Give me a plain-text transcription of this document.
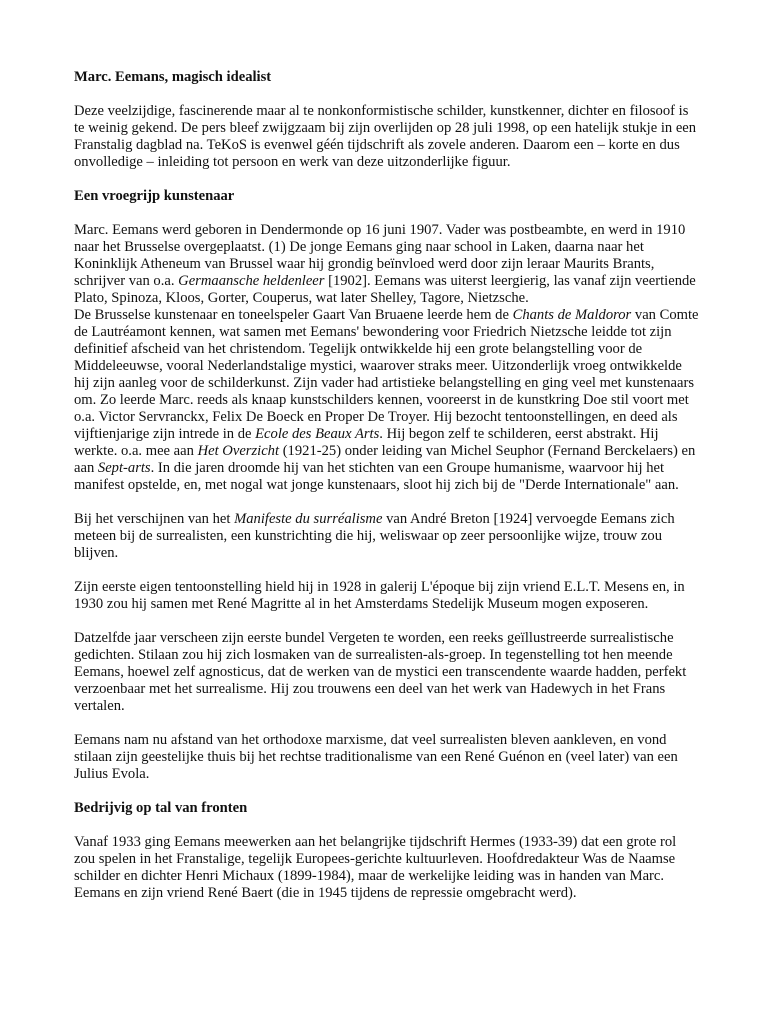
Marc. Eemans, magisch idealist

Deze veelzijdige, fascinerende maar al te nonkonformistische schilder, kunstkenner, dichter en filosoof is te weinig gekend. De pers bleef zwijgzaam bij zijn overlijden op 28 juli 1998, op een hatelijk stukje in een Franstalig dagblad na. TeKoS is evenwel géén tijdschrift als zovele anderen. Daarom een – korte en dus onvolledige – inleiding tot persoon en werk van deze uitzonderlijke figuur.

Een vroegrijp kunstenaar

Marc. Eemans werd geboren in Dendermonde op 16 juni 1907. Vader was postbeambte, en werd in 1910 naar het Brusselse overgeplaatst. (1) De jonge Eemans ging naar school in Laken, daarna naar het Koninklijk Atheneum van Brussel waar hij grondig beïnvloed werd door zijn leraar Maurits Brants, schrijver van o.a. Germaansche heldenleer [1902]. Eemans was uiterst leergierig, las vanaf zijn veertiende Plato, Spinoza, Kloos, Gorter, Couperus, wat later Shelley, Tagore, Nietzsche.

De Brusselse kunstenaar en toneelspeler Gaart Van Bruaene leerde hem de Chants de Maldoror van Comte de Lautréamont kennen, wat samen met Eemans' bewondering voor Friedrich Nietzsche leidde tot zijn definitief afscheid van het christendom. Tegelijk ontwikkelde hij een grote belangstelling voor de Middeleeuwse, vooral Nederlandstalige mystici, waarover straks meer. Uitzonderlijk vroeg ontwikkelde hij zijn aanleg voor de schilderkunst. Zijn vader had artistieke belangstelling en ging veel met kunstenaars om. Zo leerde Marc. reeds als knaap kunstschilders kennen, vooreerst in de kunstkring Doe stil voort met o.a. Victor Servranckx, Felix De Boeck en Proper De Troyer. Hij bezocht tentoonstellingen, en deed als vijftienjarige zijn intrede in de Ecole des Beaux Arts. Hij begon zelf te schilderen, eerst abstrakt. Hij werkte. o.a. mee aan Het Overzicht (1921-25) onder leiding van Michel Seuphor (Fernand Berckelaers) en aan Sept-arts. In die jaren droomde hij van het stichten van een Groupe humanisme, waarvoor hij het manifest opstelde, en, met nogal wat jonge kunstenaars, sloot hij zich bij de "Derde Internationale" aan.

Bij het verschijnen van het Manifeste du surréalisme van André Breton [1924] vervoegde Eemans zich meteen bij de surrealisten, een kunstrichting die hij, weliswaar op zeer persoonlijke wijze, trouw zou blijven.

Zijn eerste eigen tentoonstelling hield hij in 1928 in galerij L'époque bij zijn vriend E.L.T. Mesens en, in 1930 zou hij samen met René Magritte al in het Amsterdams Stedelijk Museum mogen exposeren.

Datzelfde jaar verscheen zijn eerste bundel Vergeten te worden, een reeks geïllustreerde surrealistische gedichten. Stilaan zou hij zich losmaken van de surrealisten-als-groep. In tegenstelling tot hen meende Eemans, hoewel zelf agnosticus, dat de werken van de mystici een transcendente waarde hadden, perfekt verzoenbaar met het surrealisme. Hij zou trouwens een deel van het werk van Hadewych in het Frans vertalen.

Eemans nam nu afstand van het orthodoxe marxisme, dat veel surrealisten bleven aankleven, en vond stilaan zijn geestelijke thuis bij het rechtse traditionalisme van een René Guénon en (veel later) van een Julius Evola.

Bedrijvig op tal van fronten

Vanaf 1933 ging Eemans meewerken aan het belangrijke tijdschrift Hermes (1933-39) dat een grote rol zou spelen in het Franstalige, tegelijk Europees-gerichte kultuurleven. Hoofdredakteur Was de Naamse schilder en dichter Henri Michaux (1899-1984), maar de werkelijke leiding was in handen van Marc. Eemans en zijn vriend René Baert (die in 1945 tijdens de repressie omgebracht werd).
